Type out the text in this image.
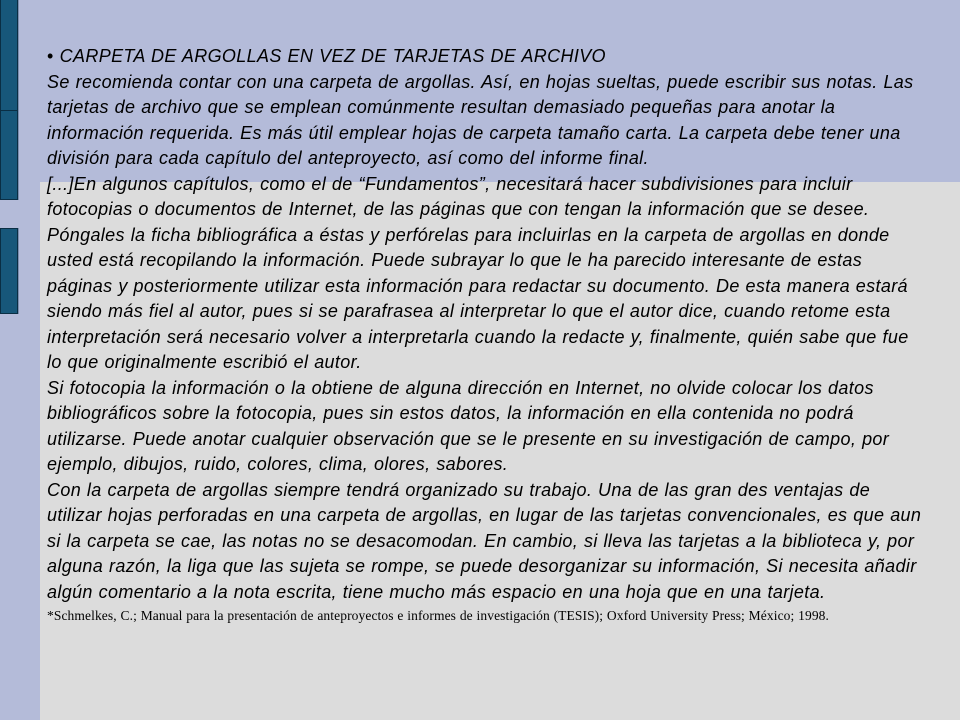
• CARPETA DE ARGOLLAS EN VEZ DE TARJETAS DE ARCHIVO

Se recomienda contar con una carpeta de argollas. Así, en hojas sueltas, puede escribir sus notas. Las tarjetas de archivo que se emplean comúnmente resultan demasiado pequeñas para anotar la información requerida. Es más útil emplear hojas de carpeta tamaño carta. La carpeta debe tener una división para cada capítulo del anteproyecto, así como del informe final.

[...]En algunos capítulos, como el de “Fundamentos”, necesitará hacer subdivisiones para incluir fotocopias o documentos de Internet, de las páginas que con tengan la información que se desee. Póngales la ficha bibliográfica a éstas y perfórelas para incluirlas en la carpeta de argollas en donde usted está recopilando la información. Puede subrayar lo que le ha parecido interesante de estas páginas y posteriormente utilizar esta información para redactar su documento. De esta manera estará siendo más fiel al autor, pues si se parafrasea al interpretar lo que el autor dice, cuando retome esta interpretación será necesario volver a interpretarla cuando la redacte y, finalmente, quién sabe que fue lo que originalmente escribió el autor.

Si fotocopia la información o la obtiene de alguna dirección en Internet, no olvide colocar los datos bibliográficos sobre la fotocopia, pues sin estos datos, la información en ella contenida no podrá utilizarse. Puede anotar cualquier observación que se le presente en su investigación de campo, por ejemplo, dibujos, ruido, colores, clima, olores, sabores.

Con la carpeta de argollas siempre tendrá organizado su trabajo. Una de las gran des ventajas de utilizar hojas perforadas en una carpeta de argollas, en lugar de las tarjetas convencionales, es que aun si la carpeta se cae, las notas no se desacomodan. En cambio, si lleva las tarjetas a la biblioteca y, por alguna razón, la liga que las sujeta se rompe, se puede desorganizar su información, Si necesita añadir algún comentario a la nota escrita, tiene mucho más espacio en una hoja que en una tarjeta.

*Schmelkes, C.; Manual para la presentación de anteproyectos e informes de investigación (TESIS); Oxford University Press; México; 1998.
